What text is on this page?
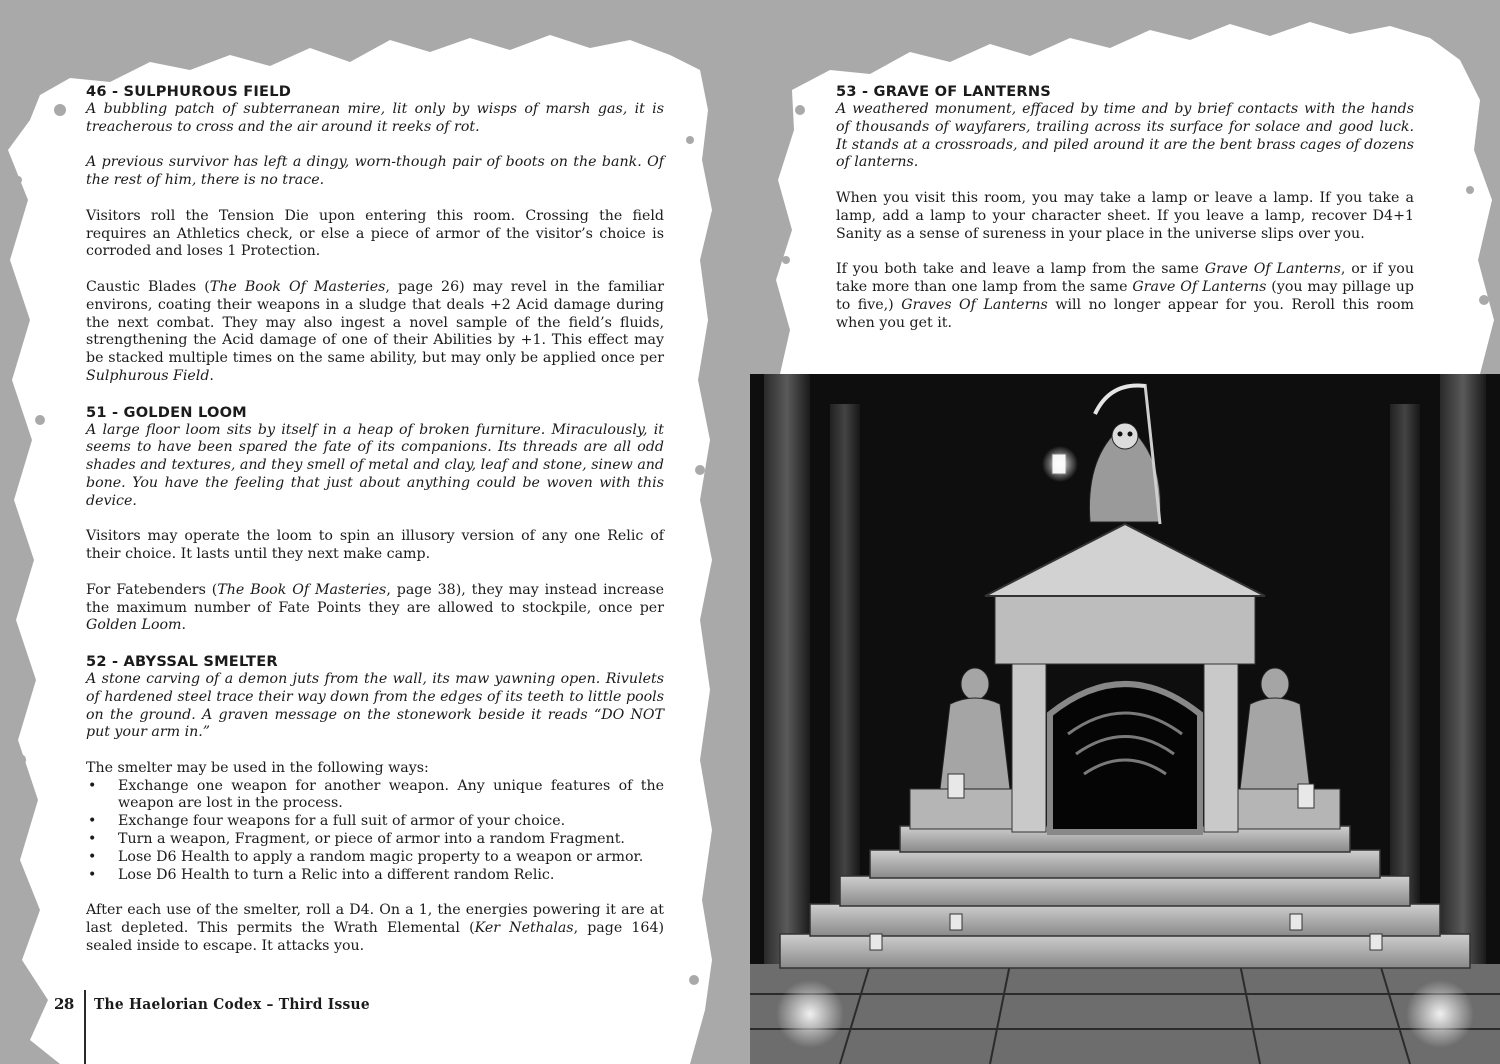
46 - SULPHUROUS FIELD

A bubbling patch of subterranean mire, lit only by wisps of marsh gas, it is treacherous to cross and the air around it reeks of rot.

A previous survivor has left a dingy, worn-though pair of boots on the bank. Of the rest of him, there is no trace.

Visitors roll the Tension Die upon entering this room. Crossing the field requires an Athletics check, or else a piece of armor of the visitor’s choice is corroded and loses 1 Protection.

Caustic Blades (The Book Of Masteries, page 26) may revel in the familiar environs, coating their weapons in a sludge that deals +2 Acid damage during the next combat. They may also ingest a novel sample of the field’s fluids, strengthening the Acid damage of one of their Abilities by +1. This effect may be stacked multiple times on the same ability, but may only be applied once per Sulphurous Field.

51 - GOLDEN LOOM

A large floor loom sits by itself in a heap of broken furniture. Miraculously, it seems to have been spared the fate of its companions. Its threads are all odd shades and textures, and they smell of metal and clay, leaf and stone, sinew and bone. You have the feeling that just about anything could be woven with this device.

Visitors may operate the loom to spin an illusory version of any one Relic of their choice. It lasts until they next make camp.

For Fatebenders (The Book Of Masteries, page 38), they may instead increase the maximum number of Fate Points they are allowed to stockpile, once per Golden Loom.

52 - ABYSSAL SMELTER

A stone carving of a demon juts from the wall, its maw yawning open. Rivulets of hardened steel trace their way down from the edges of its teeth to little pools on the ground. A graven message on the stonework beside it reads “DO NOT put your arm in.”

The smelter may be used in the following ways:

• Exchange one weapon for another weapon. Any unique features of the weapon are lost in the process.
• Exchange four weapons for a full suit of armor of your choice.
• Turn a weapon, Fragment, or piece of armor into a random Fragment.
• Lose D6 Health to apply a random magic property to a weapon or armor.
• Lose D6 Health to turn a Relic into a different random Relic.

After each use of the smelter, roll a D4. On a 1, the energies powering it are at last depleted. This permits the Wrath Elemental (Ker Nethalas, page 164) sealed inside to escape. It attacks you.

28	The Haelorian Codex – Third Issue
53 - GRAVE OF LANTERNS

A weathered monument, effaced by time and by brief contacts with the hands of thousands of wayfarers, trailing across its surface for solace and good luck. It stands at a crossroads, and piled around it are the bent brass cages of dozens of lanterns.

When you visit this room, you may take a lamp or leave a lamp. If you take a lamp, add a lamp to your character sheet. If you leave a lamp, recover D4+1 Sanity as a sense of sureness in your place in the universe slips over you.

If you both take and leave a lamp from the same Grave Of Lanterns, or if you take more than one lamp from the same Grave Of Lanterns (you may pillage up to five,) Graves Of Lanterns will no longer appear for you. Reroll this room when you get it.
